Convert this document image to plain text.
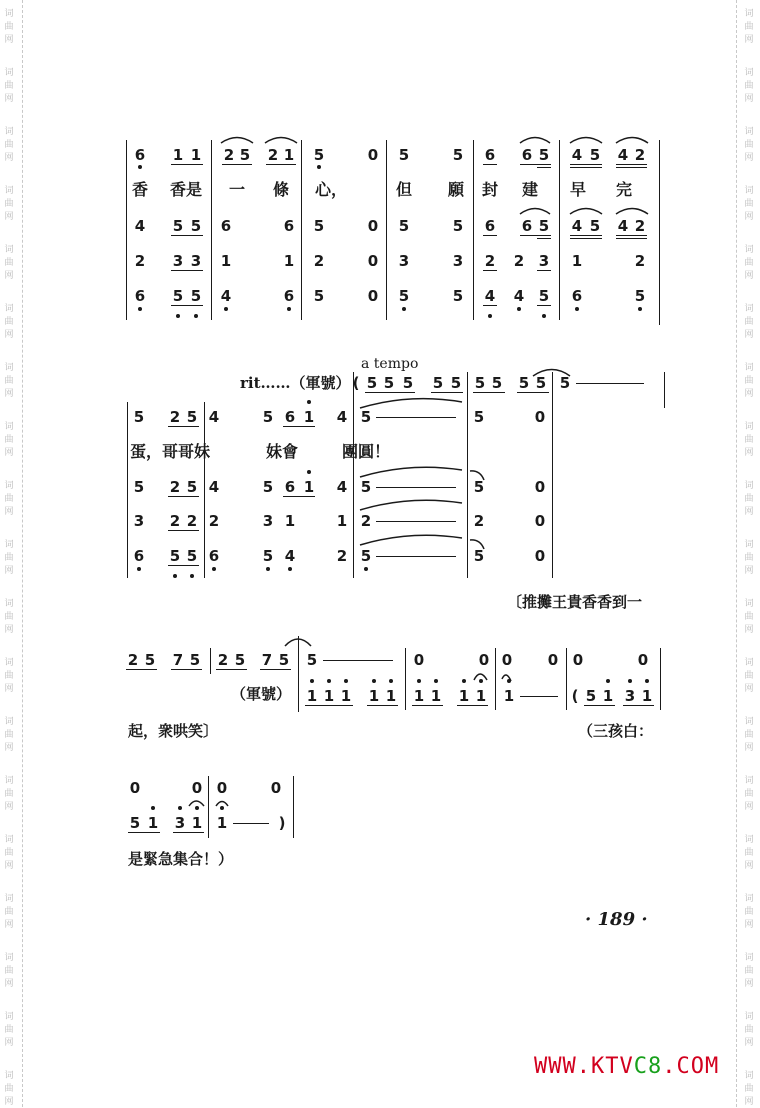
词
曲
网
词
曲
网
词
曲
网
词
曲
网
词
曲
网
词
曲
网
词
曲
网
词
曲
网
词
曲
网
词
曲
网
词
曲
网
词
曲
网
词
曲
网
词
曲
网
词
曲
网
词
曲
网
词
曲
网
词
曲
网
词
曲
网
词
曲
网
词
曲
网
词
曲
网
词
曲
网
词
曲
网
词
曲
网
词
曲
网
词
曲
网
词
曲
网
词
曲
网
词
曲
网
词
曲
网
词
曲
网
词
曲
网
词
曲
网
词
曲
网
词
曲
网
词
曲
网
词
曲
网
6 1 1 2 5 2 1 5	0 5	5 6 6 5 4 5 4 2
香 香是 一 條 心，	但 願 封 建 早 完
4 5 5 6	6 5	0 5	5 6 6 5 4 5 4 2
2 3 3 1	1 2	0 3	3 2 2 3 1	2
6 5 5 4	6 5	0 5	5 4 4 5 6	5
a tempo
rit……（軍號） ( 5 5 5 5 5 5 5 5 5 5
5 2 5 4	5 6 1 4 5	5	0
蛋，哥哥妹	妹會	團圓！
5 2 5 4	5 6 1 4 5	5	0
3 2 2 2	3 1	1 2	2	0
6 5 5 6	5 4	2 5	5	0
〔推攤王貴香香到一
2 5 7 5 2 5 7 5 5	0	0 0 0 0	0
（軍號） 1 1 1 1 1 1 1 1 1 1	( 5 1 3 1
起，衆哄笑〕	（三孩白：
0	0 0	0
5 1 3 1 1	)
是緊急集合！）
· 189 ·
WWW.KTVC8.COM
